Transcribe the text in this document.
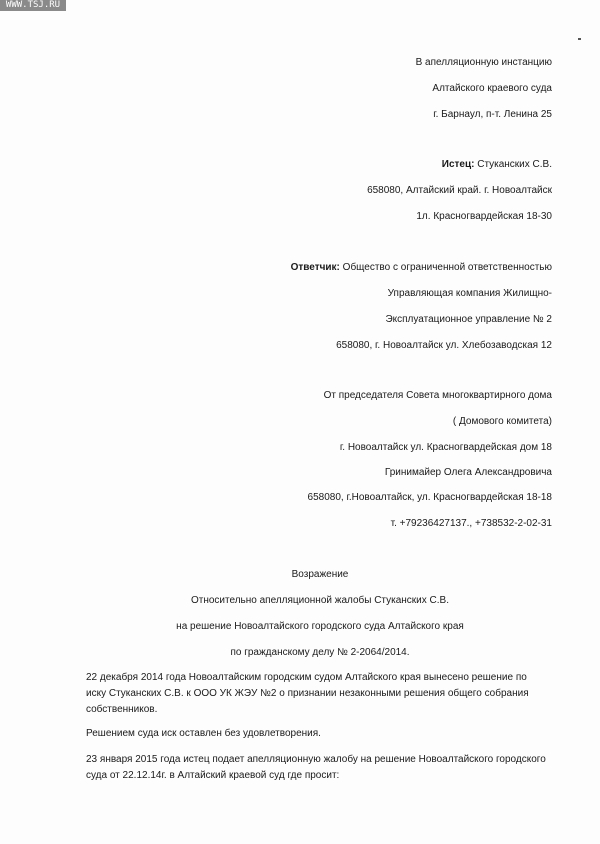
WWW.TSJ.RU
В апелляционную инстанцию
Алтайского краевого суда
г. Барнаул, п-т. Ленина 25
Истец: Стуканских С.В.
658080, Алтайский край. г. Новоалтайск
1л. Красногвардейская 18-30
Ответчик: Общество с ограниченной ответственностью
Управляющая компания Жилищно-
Эксплуатационное управление № 2
658080, г. Новоалтайск ул. Хлебозаводская 12
От председателя Совета многоквартирного дома
( Домового комитета)
г. Новоалтайск ул. Красногвардейская дом 18
Гринимайер Олега Александровича
658080, г.Новоалтайск, ул. Красногвардейская 18-18
т. +79236427137., +738532-2-02-31
Возражение
Относительно апелляционной жалобы Стуканских С.В.
на решение Новоалтайского городского суда Алтайского края
по гражданскому делу № 2-2064/2014.
22 декабря 2014 года Новоалтайским городским судом Алтайского края вынесено решение по
иску Стуканских С.В. к ООО УК ЖЭУ №2 о признании незаконными решения общего собрания
собственников.
Решением суда иск оставлен без удовлетворения.
23 января 2015 года истец подает апелляционную жалобу на решение Новоалтайского городского
суда от 22.12.14г. в Алтайский краевой суд где просит:
